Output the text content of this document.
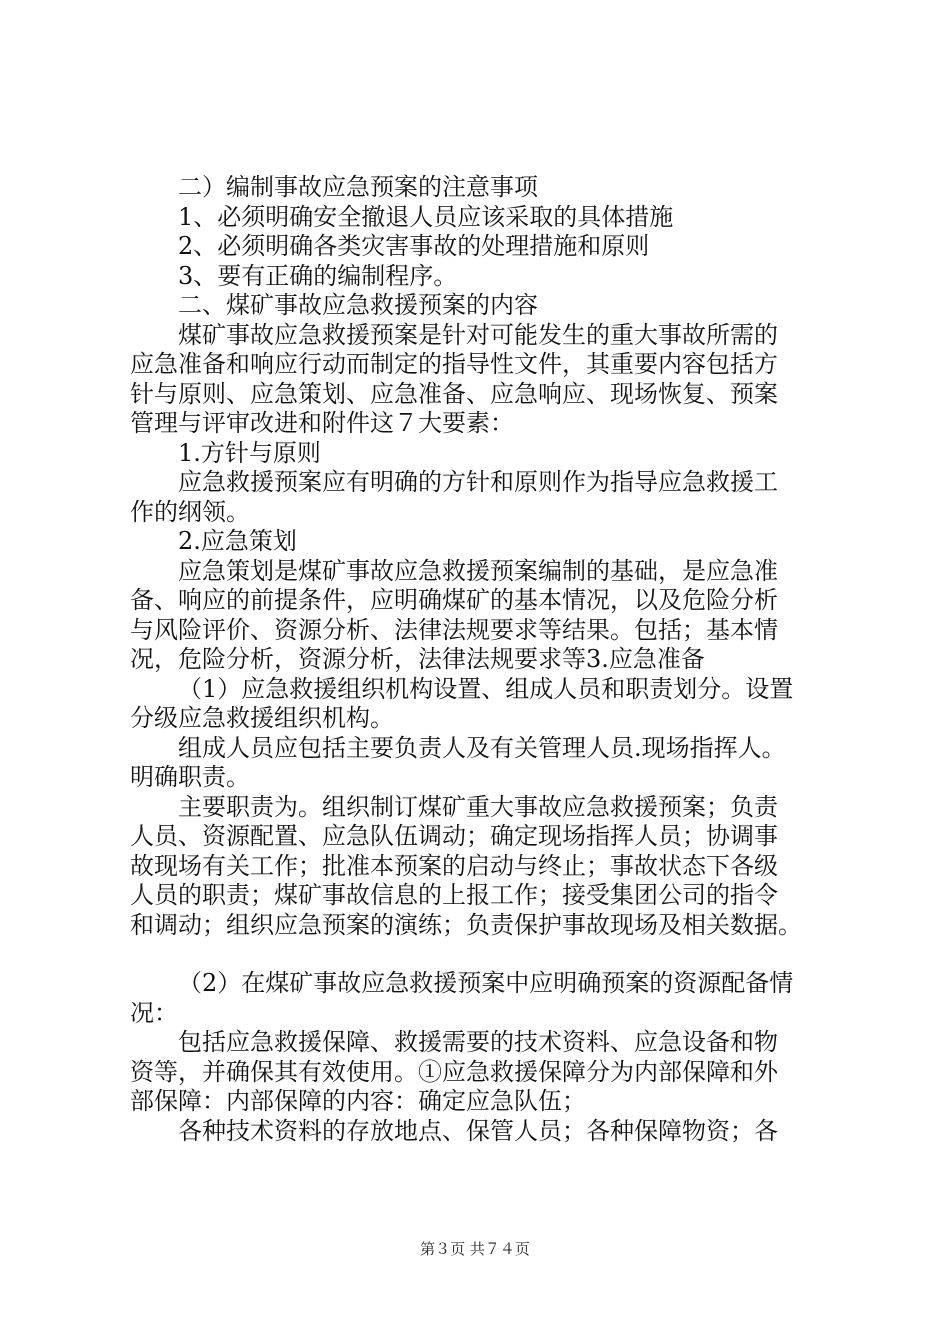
二）编制事故应急预案的注意事项

1、必须明确安全撤退人员应该采取的具体措施

2、必须明确各类灾害事故的处理措施和原则

3、要有正确的编制程序。

二、煤矿事故应急救援预案的内容

煤矿事故应急救援预案是针对可能发生的重大事故所需的

应急准备和响应行动而制定的指导性文件，其重要内容包括方

针与原则、应急策划、应急准备、应急响应、现场恢复、预案

管理与评审改进和附件这７大要素：

1.方针与原则

应急救援预案应有明确的方针和原则作为指导应急救援工

作的纲领。

2.应急策划

应急策划是煤矿事故应急救援预案编制的基础，是应急准

备、响应的前提条件，应明确煤矿的基本情况，以及危险分析

与风险评价、资源分析、法律法规要求等结果。包括；基本情

况，危险分析，资源分析，法律法规要求等3.应急准备

（1）应急救援组织机构设置、组成人员和职责划分。设置

分级应急救援组织机构。

组成人员应包括主要负责人及有关管理人员.现场指挥人。

明确职责。

主要职责为。组织制订煤矿重大事故应急救援预案；负责

人员、资源配置、应急队伍调动；确定现场指挥人员；协调事

故现场有关工作；批准本预案的启动与终止；事故状态下各级

人员的职责；煤矿事故信息的上报工作；接受集团公司的指令

和调动；组织应急预案的演练；负责保护事故现场及相关数据。

（2）在煤矿事故应急救援预案中应明确预案的资源配备情

况：

包括应急救援保障、救援需要的技术资料、应急设备和物

资等，并确保其有效使用。①应急救援保障分为内部保障和外

部保障：内部保障的内容：确定应急队伍；

各种技术资料的存放地点、保管人员；各种保障物资；各

第３页 共７４页
